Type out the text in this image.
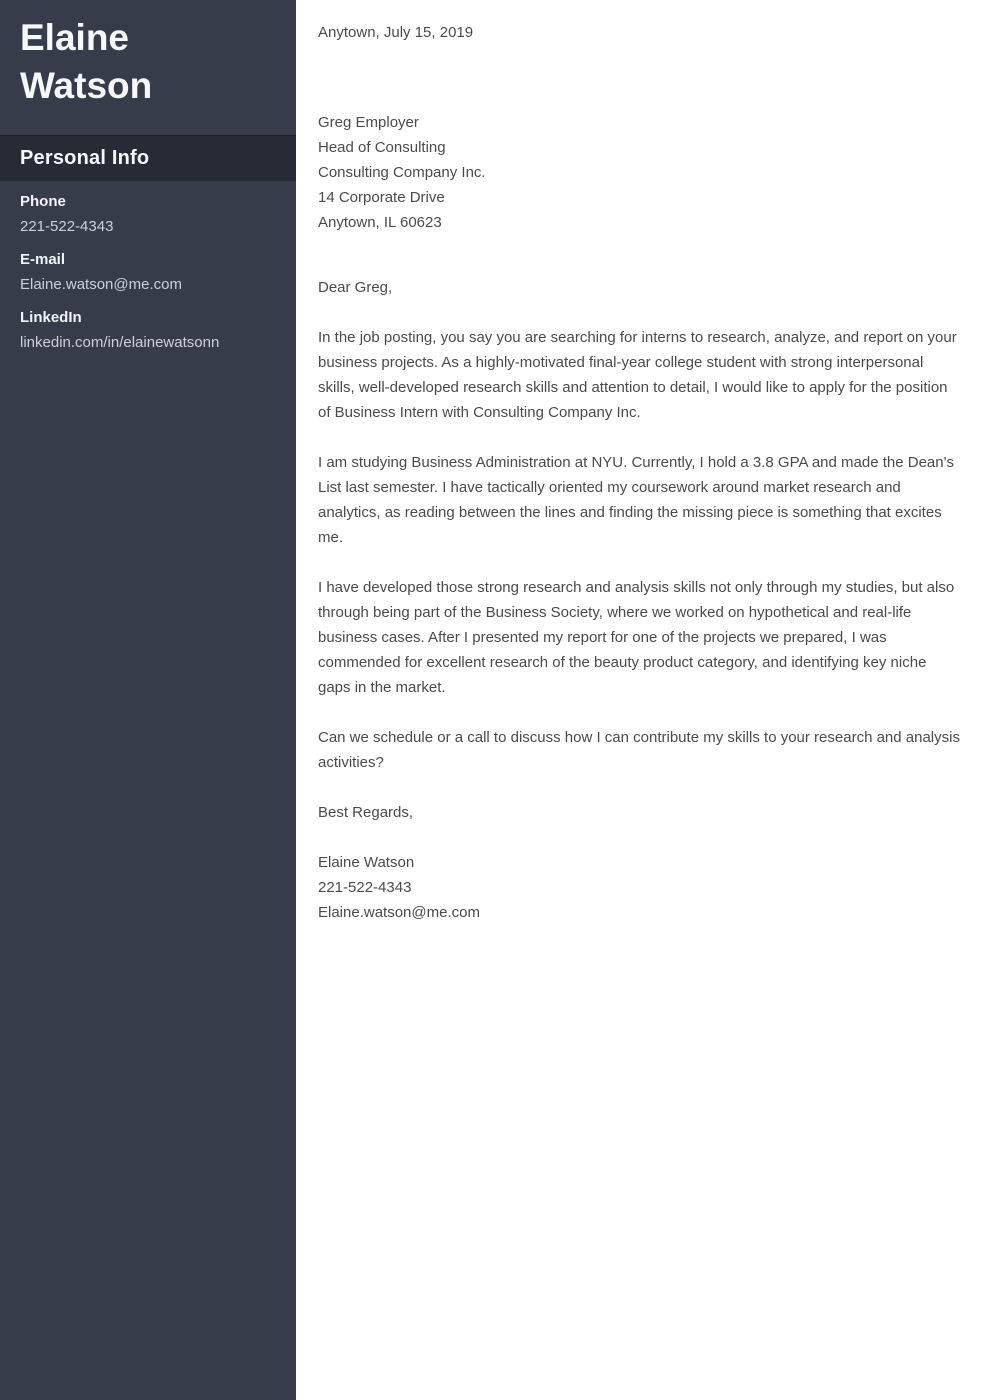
Elaine
Watson
Personal Info
Phone
221-522-4343
E-mail
Elaine.watson@me.com
LinkedIn
linkedin.com/in/elainewatsonn

Anytown, July 15, 2019

Greg Employer
Head of Consulting
Consulting Company Inc.
14 Corporate Drive
Anytown, IL 60623

Dear Greg,

In the job posting, you say you are searching for interns to research, analyze, and report on your business projects. As a highly-motivated final-year college student with strong interpersonal skills, well-developed research skills and attention to detail, I would like to apply for the position of Business Intern with Consulting Company Inc.

I am studying Business Administration at NYU. Currently, I hold a 3.8 GPA and made the Dean's List last semester. I have tactically oriented my coursework around market research and analytics, as reading between the lines and finding the missing piece is something that excites me.

I have developed those strong research and analysis skills not only through my studies, but also through being part of the Business Society, where we worked on hypothetical and real-life business cases. After I presented my report for one of the projects we prepared, I was commended for excellent research of the beauty product category, and identifying key niche gaps in the market.

Can we schedule or a call to discuss how I can contribute my skills to your research and analysis activities?

Best Regards,

Elaine Watson
221-522-4343
Elaine.watson@me.com
